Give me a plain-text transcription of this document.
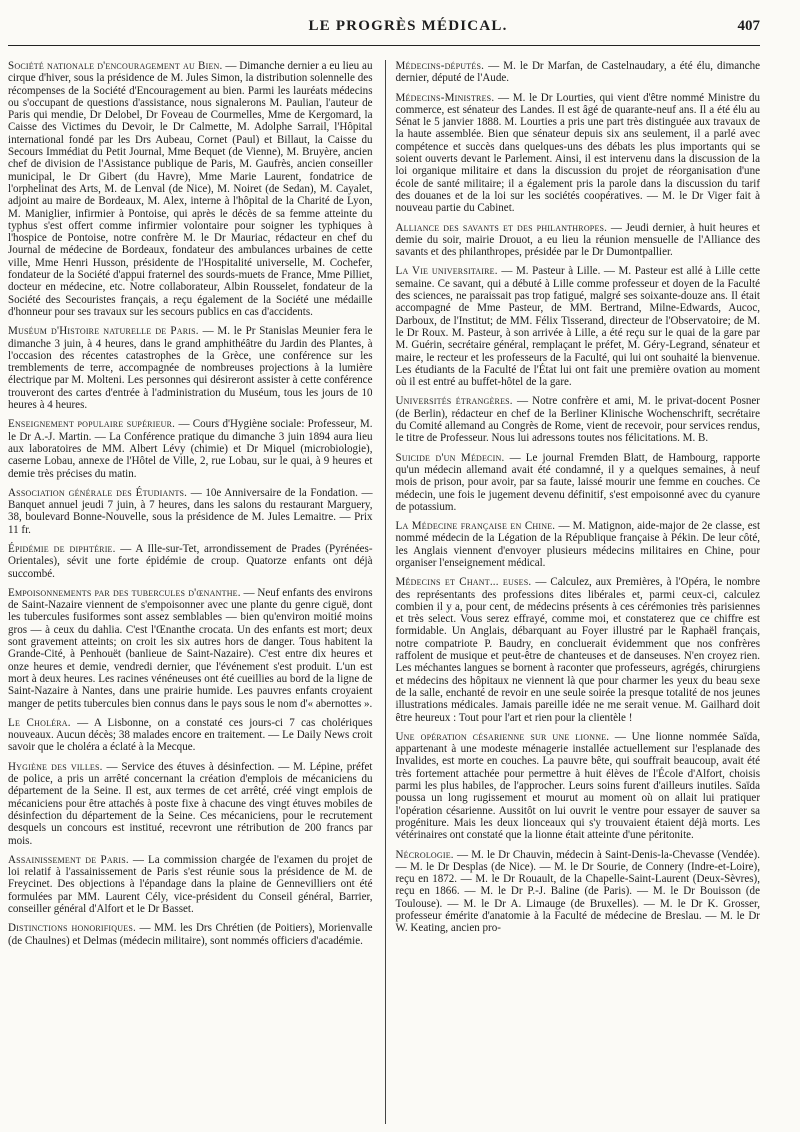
LE PROGRÈS MÉDICAL.	407

Société nationale d'encouragement au Bien. — Dimanche dernier a eu lieu au cirque d'hiver, sous la présidence de M. Jules Simon, la distribution solennelle des récompenses de la Société d'Encouragement au bien. Parmi les lauréats médecins ou s'occupant de questions d'assistance, nous signalerons M. Paulian, l'auteur de Paris qui mendie, Dr Delobel, Dr Foveau de Courmelles, Mme de Kergomard, la Caisse des Victimes du Devoir, le Dr Calmette, M. Adolphe Sarrail, l'Hôpital international fondé par les Drs Aubeau, Cornet (Paul) et Billaut, la Caisse du Secours Immédiat du Petit Journal, Mme Bequet (de Vienne), M. Bruyère, ancien chef de division de l'Assistance publique de Paris, M. Gaufrès, ancien conseiller municipal, le Dr Gibert (du Havre), Mme Marie Laurent, fondatrice de l'orphelinat des Arts, M. de Lenval (de Nice), M. Noiret (de Sedan), M. Cayalet, adjoint au maire de Bordeaux, M. Alex, interne à l'hôpital de la Charité de Lyon, M. Maniglier, infirmier à Pontoise, qui après le décès de sa femme atteinte du typhus s'est offert comme infirmier volontaire pour soigner les typhiques à l'hospice de Pontoise, notre confrère M. le Dr Mauriac, rédacteur en chef du Journal de médecine de Bordeaux, fondateur des ambulances urbaines de cette ville, Mme Henri Husson, présidente de l'Hospitalité universelle, M. Cochefer, fondateur de la Société d'appui fraternel des sourds-muets de France, Mme Pilliet, docteur en médecine, etc. Notre collaborateur, Albin Rousselet, fondateur de la Société des Secouristes français, a reçu également de la Société une médaille d'honneur pour ses travaux sur les secours publics en cas d'accidents.

Muséum d'Histoire naturelle de Paris. — M. le Pr Stanislas Meunier fera le dimanche 3 juin, à 4 heures, dans le grand amphithéâtre du Jardin des Plantes, à l'occasion des récentes catastrophes de la Grèce, une conférence sur les tremblements de terre, accompagnée de nombreuses projections à la lumière électrique par M. Molteni. Les personnes qui désireront assister à cette conférence trouveront des cartes d'entrée à l'administration du Muséum, tous les jours de 10 heures à 4 heures.

Enseignement populaire supérieur. — Cours d'Hygiène sociale: Professeur, M. le Dr A.-J. Martin. — La Conférence pratique du dimanche 3 juin 1894 aura lieu aux laboratoires de MM. Albert Lévy (chimie) et Dr Miquel (microbiologie), caserne Lobau, annexe de l'Hôtel de Ville, 2, rue Lobau, sur le quai, à 9 heures et demie très précises du matin.

Association générale des Étudiants. — 10e Anniversaire de la Fondation. — Banquet annuel jeudi 7 juin, à 7 heures, dans les salons du restaurant Marguery, 38, boulevard Bonne-Nouvelle, sous la présidence de M. Jules Lemaitre. — Prix 11 fr.

Épidémie de diphtérie. — A Ille-sur-Tet, arrondissement de Prades (Pyrénées-Orientales), sévit une forte épidémie de croup. Quatorze enfants ont déjà succombé.

Empoisonnements par des tubercules d'œnanthe. — Neuf enfants des environs de Saint-Nazaire viennent de s'empoisonner avec une plante du genre ciguë, dont les tubercules fusiformes sont assez semblables — bien qu'environ moitié moins gros — à ceux du dahlia. C'est l'Œnanthe crocata. Un des enfants est mort; deux sont gravement atteints; on croit les six autres hors de danger. Tous habitent la Grande-Cité, à Penhouët (banlieue de Saint-Nazaire). C'est entre dix heures et onze heures et demie, vendredi dernier, que l'événement s'est produit. L'un est mort à deux heures. Les racines vénéneuses ont été cueillies au bord de la ligne de Saint-Nazaire à Nantes, dans une prairie humide. Les pauvres enfants croyaient manger de petits tubercules bien connus dans le pays sous le nom d'« abernottes ».

Le Choléra. — A Lisbonne, on a constaté ces jours-ci 7 cas cholériques nouveaux. Aucun décès; 38 malades encore en traitement. — Le Daily News croit savoir que le choléra a éclaté à la Mecque.

Hygiène des villes. — Service des étuves à désinfection. — M. Lépine, préfet de police, a pris un arrêté concernant la création d'emplois de mécaniciens du département de la Seine. Il est, aux termes de cet arrêté, créé vingt emplois de mécaniciens pour être attachés à poste fixe à chacune des vingt étuves mobiles de désinfection du département de la Seine. Ces mécaniciens, pour le recrutement desquels un concours est institué, recevront une rétribution de 200 francs par mois.

Assainissement de Paris. — La commission chargée de l'examen du projet de loi relatif à l'assainissement de Paris s'est réunie sous la présidence de M. de Freycinet. Des objections à l'épandage dans la plaine de Gennevilliers ont été formulées par MM. Laurent Cély, vice-président du Conseil général, Barrier, conseiller général d'Alfort et le Dr Basset.

Distinctions honorifiques. — MM. les Drs Chrétien (de Poitiers), Morienvalle (de Chaulnes) et Delmas (médecin militaire), sont nommés officiers d'académie.

Médecins-députés. — M. le Dr Marfan, de Castelnaudary, a été élu, dimanche dernier, député de l'Aude.

Médecins-Ministres. — M. le Dr Lourties, qui vient d'être nommé Ministre du commerce, est sénateur des Landes. Il est âgé de quarante-neuf ans. Il a été élu au Sénat le 5 janvier 1888. M. Lourties a pris une part très distinguée aux travaux de la haute assemblée. Bien que sénateur depuis six ans seulement, il a parlé avec compétence et succès dans quelques-uns des débats les plus importants qui se soient ouverts devant le Parlement. Ainsi, il est intervenu dans la discussion de la loi organique militaire et dans la discussion du projet de réorganisation d'une école de santé militaire; il a également pris la parole dans la discussion du tarif des douanes et de la loi sur les sociétés coopératives. — M. le Dr Viger fait à nouveau partie du Cabinet.

Alliance des savants et des philanthropes. — Jeudi dernier, à huit heures et demie du soir, mairie Drouot, a eu lieu la réunion mensuelle de l'Alliance des savants et des philanthropes, présidée par le Dr Dumontpallier.

La Vie universitaire. — M. Pasteur à Lille. — M. Pasteur est allé à Lille cette semaine. Ce savant, qui a débuté à Lille comme professeur et doyen de la Faculté des sciences, ne paraissait pas trop fatigué, malgré ses soixante-douze ans. Il était accompagné de Mme Pasteur, de MM. Bertrand, Milne-Edwards, Aucoc, Darboux, de l'Institut; de MM. Félix Tisserand, directeur de l'Observatoire; de M. le Dr Roux. M. Pasteur, à son arrivée à Lille, a été reçu sur le quai de la gare par M. Guérin, secrétaire général, remplaçant le préfet, M. Géry-Legrand, sénateur et maire, le recteur et les professeurs de la Faculté, qui lui ont souhaité la bienvenue. Les étudiants de la Faculté de l'État lui ont fait une première ovation au moment où il est entré au buffet-hôtel de la gare.

Universités étrangères. — Notre confrère et ami, M. le privat-docent Posner (de Berlin), rédacteur en chef de la Berliner Klinische Wochenschrift, secrétaire du Comité allemand au Congrès de Rome, vient de recevoir, pour services rendus, le titre de Professeur. Nous lui adressons toutes nos félicitations. M. B.

Suicide d'un Médecin. — Le journal Fremden Blatt, de Hambourg, rapporte qu'un médecin allemand avait été condamné, il y a quelques semaines, à neuf mois de prison, pour avoir, par sa faute, laissé mourir une femme en couches. Ce médecin, une fois le jugement devenu définitif, s'est empoisonné avec du cyanure de potassium.

La Médecine française en Chine. — M. Matignon, aide-major de 2e classe, est nommé médecin de la Légation de la République française à Pékin. De leur côté, les Anglais viennent d'envoyer plusieurs médecins militaires en Chine, pour organiser l'enseignement médical.

Médecins et Chant... euses. — Calculez, aux Premières, à l'Opéra, le nombre des représentants des professions dites libérales et, parmi ceux-ci, calculez combien il y a, pour cent, de médecins présents à ces cérémonies très parisiennes et très select. Vous serez effrayé, comme moi, et constaterez que ce chiffre est formidable. Un Anglais, débarquant au Foyer illustré par le Raphaël français, notre compatriote P. Baudry, en concluerait évidemment que nos confrères raffolent de musique et peut-être de chanteuses et de danseuses. N'en croyez rien. Les méchantes langues se bornent à raconter que professeurs, agrégés, chirurgiens et médecins des hôpitaux ne viennent là que pour charmer les yeux du beau sexe de la salle, enchanté de revoir en une seule soirée la presque totalité de nos jeunes illustrations médicales. Jamais pareille idée ne me serait venue. M. Gailhard doit être heureux : Tout pour l'art et rien pour la clientèle !

Une opération césarienne sur une lionne. — Une lionne nommée Saïda, appartenant à une modeste ménagerie installée actuellement sur l'esplanade des Invalides, est morte en couches. La pauvre bête, qui souffrait beaucoup, avait été très fortement attachée pour permettre à huit élèves de l'École d'Alfort, choisis parmi les plus habiles, de l'approcher. Leurs soins furent d'ailleurs inutiles. Saïda poussa un long rugissement et mourut au moment où on allait lui pratiquer l'opération césarienne. Aussitôt on lui ouvrit le ventre pour essayer de sauver sa progéniture. Mais les deux lionceaux qui s'y trouvaient étaient déjà morts. Les vétérinaires ont constaté que la lionne était atteinte d'une péritonite.

Nécrologie. — M. le Dr Chauvin, médecin à Saint-Denis-la-Chevasse (Vendée). — M. le Dr Desplas (de Nice). — M. le Dr Sourie, de Connery (Indre-et-Loire), reçu en 1872. — M. le Dr Rouault, de la Chapelle-Saint-Laurent (Deux-Sèvres), reçu en 1866. — M. le Dr P.-J. Baline (de Paris). — M. le Dr Bouisson (de Toulouse). — M. le Dr A. Limauge (de Bruxelles). — M. le Dr K. Grosser, professeur émérite d'anatomie à la Faculté de médecine de Breslau. — M. le Dr W. Keating, ancien pro-
